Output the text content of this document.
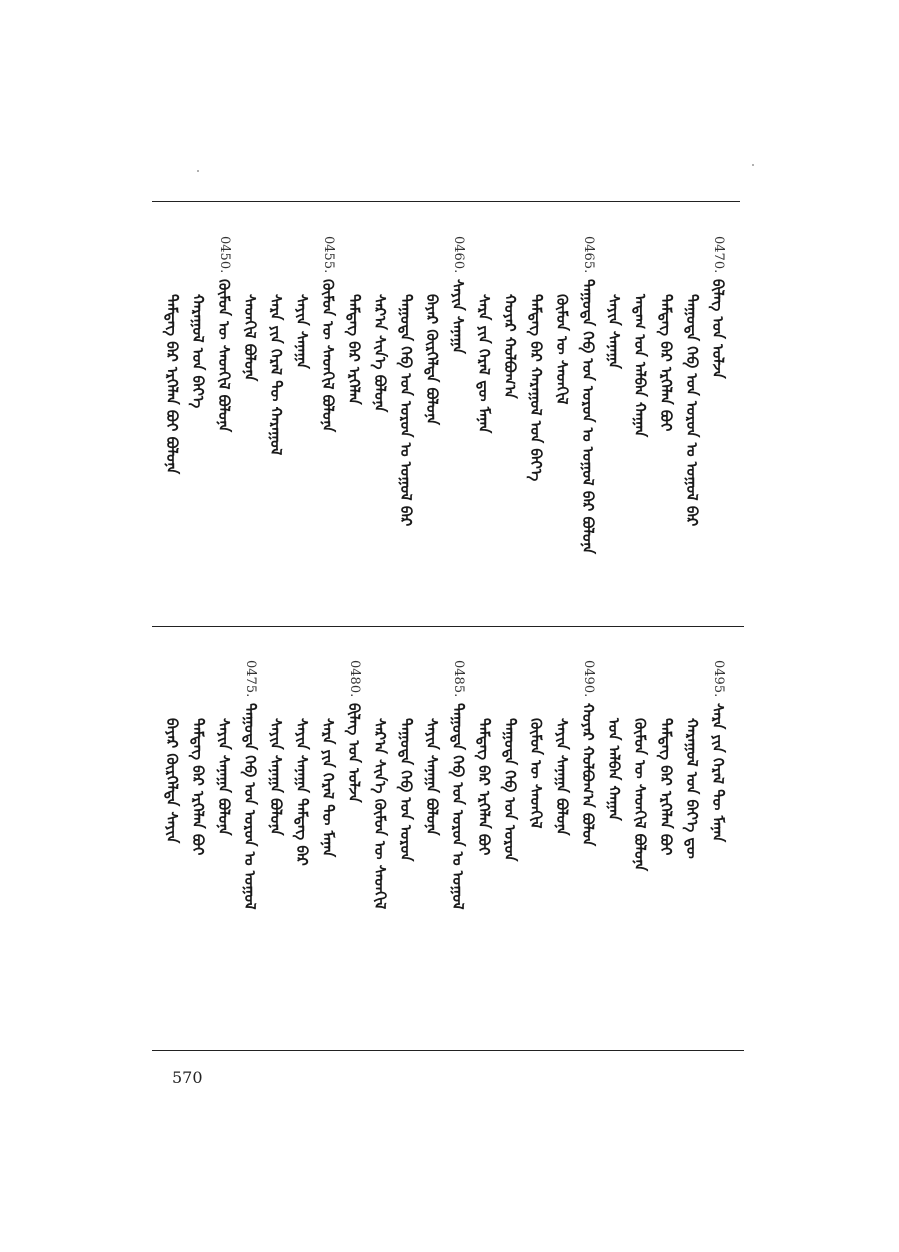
0470.ᠪᠢᠯᠡᠭ ᠤᠨ ᠣᠯᠵᠠ
ᠳᠠᠭᠤᠳᠠ ᠬᠡᠪ ᠤᠨ ᠣᠷᠤᠨ ᠤ ᠤᠭᠤᠯ ᠪᠡᠷ
ᠲᠡᠮᠳᠡᠭ ᠪᠠᠷ ᠡᠷᠬᠡᠯᠡᠨ ᠪᠤᠢ
ᠠᠳᠠᠭ ᠤᠨ ᠠᠯᠪᠠᠨ ᠬᠠᠭᠠᠨ
ᠰᠠᠶᠢᠨ ᠰᠠᠨᠠᠭᠠ
0465.ᠳᠠᠭᠤᠳᠠ ᠬᠡᠪ ᠤᠨ ᠣᠷᠤᠨ ᠤ ᠤᠭᠤᠯ ᠪᠡᠷ ᠪᠣᠯᠤᠨᠠ
ᠬᠦᠮᠦᠨ ᠦ ᠰᠡᠳᠬᠢᠯ
ᠲᠡᠮᠳᠡᠭ ᠪᠠᠷ ᠬᠠᠷᠠᠭᠤᠯ ᠤᠨ ᠪᠡᠶ᠎ᠡ
ᠬᠣᠶᠠᠷ ᠬᠣᠯᠪᠣᠭ᠎ᠠ
ᠰᠠᠷᠠ ᠶᠢᠨ ᠭᠡᠷᠡᠯ ᠳᠦ ᠮᠠᠨᠠᠨ
0460.ᠰᠠᠶᠢᠨ ᠰᠠᠨᠠᠭᠠ
ᠪᠠᠶᠠᠷ ᠬᠦᠷᠭᠡᠯᠲᠡ ᠪᠤᠯᠤᠨᠠ
ᠳᠠᠭᠤᠳᠠ ᠬᠡᠪ ᠤᠨ ᠣᠷᠤᠨ ᠤ ᠤᠭᠤᠯ ᠪᠡᠷ
ᠰᠠᠷ᠎ᠠ ᠰᠢᠨ᠎ᠡ ᠪᠣᠯᠤᠨᠠ
ᠲᠡᠮᠳᠡᠭ ᠪᠠᠷ ᠡᠷᠬᠡᠯᠡᠨ
0455.ᠬᠦᠮᠦᠨ ᠦ ᠰᠡᠳᠬᠢᠯ ᠪᠣᠯᠤᠨᠠ
ᠰᠠᠶᠢᠨ ᠰᠠᠨᠠᠭᠠ
ᠰᠠᠷᠠ ᠶᠢᠨ ᠭᠡᠷᠡᠯ ᠲᠦ ᠬᠠᠷᠠᠭᠤᠯ
ᠰᠡᠳᠬᠢᠯ ᠪᠣᠯᠤᠨᠠ
0450.ᠬᠦᠮᠦᠨ ᠦ ᠰᠡᠳᠬᠢᠯ ᠪᠣᠯᠤᠨᠠ
ᠬᠠᠷᠠᠭᠤᠯ ᠤᠨ ᠪᠡᠶ᠎ᠡ
ᠲᠡᠮᠳᠡᠭ ᠪᠠᠷ ᠡᠷᠬᠡᠯᠡᠨ ᠪᠤᠢ ᠪᠣᠯᠤᠨᠠ
0495.ᠰᠠᠷᠠ ᠶᠢᠨ ᠭᠡᠷᠡᠯ ᠲᠦ ᠮᠠᠨᠠᠨ
ᠬᠠᠷᠠᠭᠤᠯ ᠤᠨ ᠪᠡᠶ᠎ᠡ ᠳᠦ
ᠲᠡᠮᠳᠡᠭ ᠪᠠᠷ ᠡᠷᠬᠡᠯᠡᠨ ᠪᠤᠢ
ᠬᠦᠮᠦᠨ ᠦ ᠰᠡᠳᠬᠢᠯ ᠪᠣᠯᠤᠨᠠ
ᠤᠨ ᠠᠯᠪᠠᠨ ᠬᠠᠭᠠᠨ
0490.ᠬᠣᠶᠠᠷ ᠬᠣᠯᠪᠣᠭ᠎ᠠ ᠪᠣᠯᠤᠨ
ᠰᠠᠶᠢᠨ ᠰᠠᠨᠠᠭᠠ ᠪᠣᠯᠤᠨᠠ
ᠬᠦᠮᠦᠨ ᠦ ᠰᠡᠳᠬᠢᠯ
ᠳᠠᠭᠤᠳᠠ ᠬᠡᠪ ᠤᠨ ᠣᠷᠤᠨ
ᠲᠡᠮᠳᠡᠭ ᠪᠠᠷ ᠡᠷᠬᠡᠯᠡᠨ ᠪᠤᠢ
0485.ᠳᠠᠭᠤᠳᠠ ᠬᠡᠪ ᠤᠨ ᠣᠷᠤᠨ ᠤ ᠤᠭᠤᠯ
ᠰᠠᠶᠢᠨ ᠰᠠᠨᠠᠭᠠ ᠪᠣᠯᠤᠨᠠ
ᠳᠠᠭᠤᠳᠠ ᠬᠡᠪ ᠤᠨ ᠣᠷᠤᠨ
ᠰᠠᠷ᠎ᠠ ᠰᠢᠨ᠎ᠡ ᠬᠦᠮᠦᠨ ᠦ ᠰᠡᠳᠬᠢᠯ
0480.ᠪᠢᠯᠡᠭ ᠤᠨ ᠣᠯᠵᠠ
ᠰᠠᠷᠠ ᠶᠢᠨ ᠭᠡᠷᠡᠯ ᠲᠦ ᠮᠠᠨᠠᠨ
ᠰᠠᠶᠢᠨ ᠰᠠᠨᠠᠭᠠ ᠲᠡᠮᠳᠡᠭ ᠪᠠᠷ
ᠰᠠᠶᠢᠨ ᠰᠠᠨᠠᠭᠠ ᠪᠣᠯᠤᠨᠠ
0475.ᠳᠠᠭᠤᠳᠠ ᠬᠡᠪ ᠤᠨ ᠣᠷᠤᠨ ᠤ ᠤᠭᠤᠯ
ᠰᠠᠶᠢᠨ ᠰᠠᠨᠠᠭᠠ ᠪᠣᠯᠤᠨᠠ
ᠲᠡᠮᠳᠡᠭ ᠪᠠᠷ ᠡᠷᠬᠡᠯᠡᠨ ᠪᠤᠢ
ᠪᠠᠶᠠᠷ ᠬᠦᠷᠭᠡᠯᠲᠡ ᠰᠠᠶᠢᠨ
570
